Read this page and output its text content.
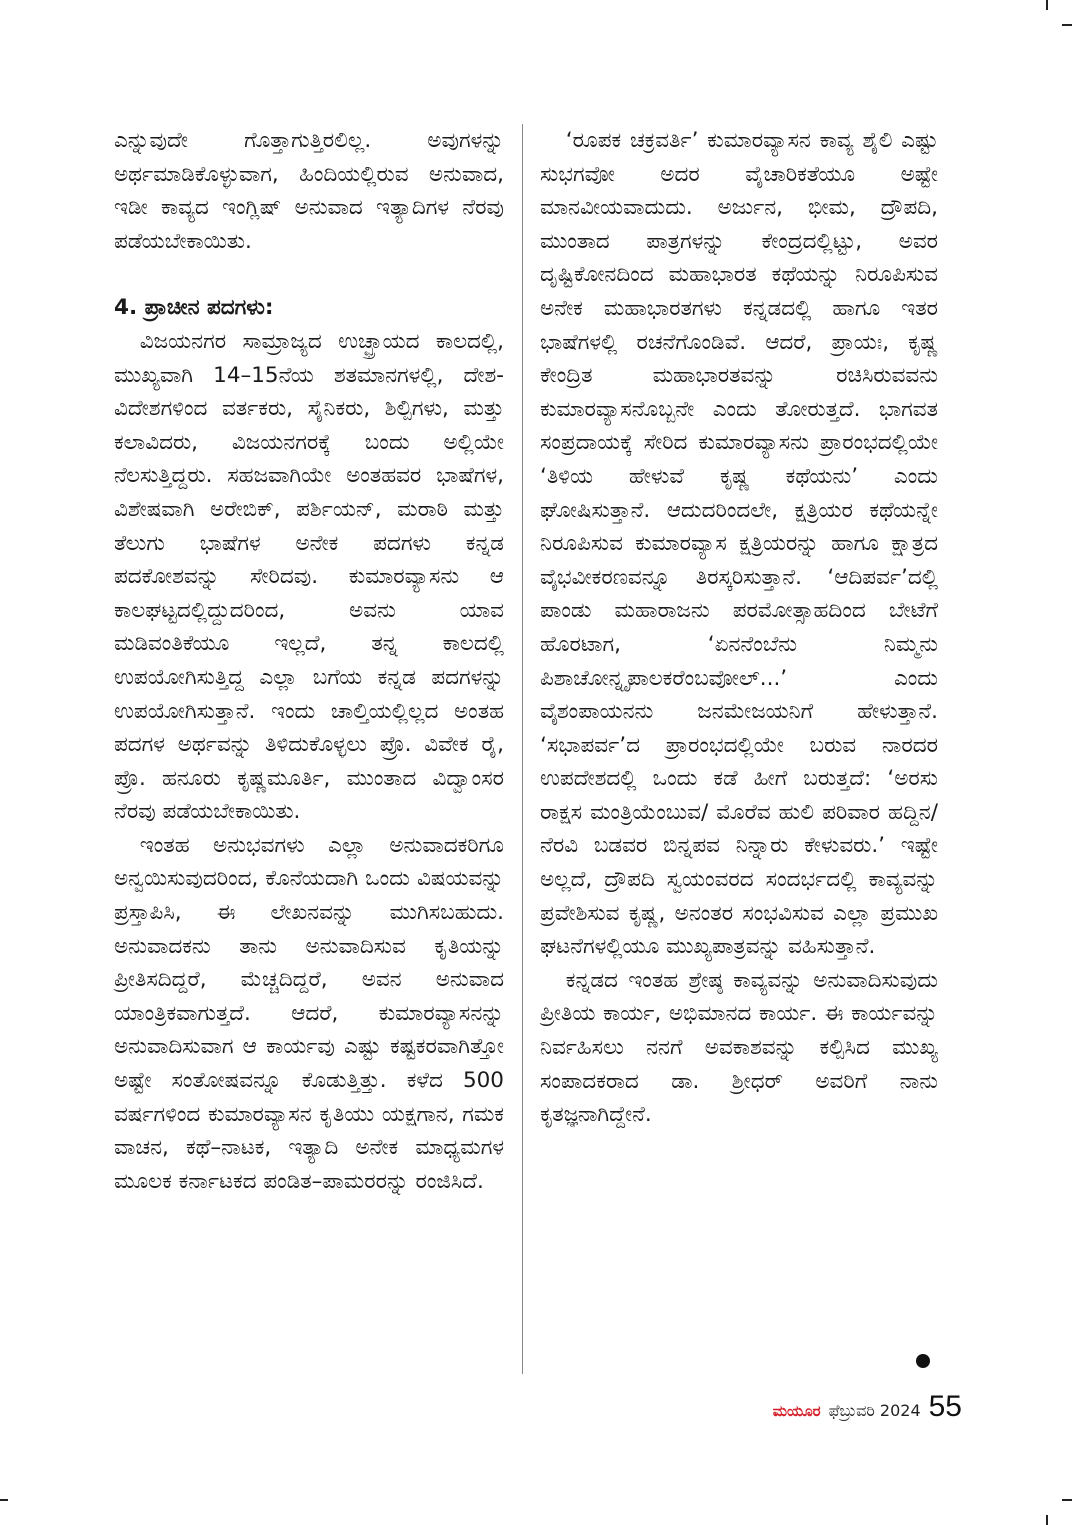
ಎನ್ನುವುದೇ ಗೊತ್ತಾಗುತ್ತಿರಲಿಲ್ಲ. ಅವುಗಳನ್ನು ಅರ್ಥಮಾಡಿಕೊಳ್ಳುವಾಗ, ಹಿಂದಿಯಲ್ಲಿರುವ ಅನುವಾದ, ಇಡೀ ಕಾವ್ಯದ ಇಂಗ್ಲಿಷ್ ಅನುವಾದ ಇತ್ಯಾದಿಗಳ ನೆರವು ಪಡೆಯಬೇಕಾಯಿತು.

4. ಪ್ರಾಚೀನ ಪದಗಳು:

ವಿಜಯನಗರ ಸಾಮ್ರಾಜ್ಯದ ಉಚ್ಛ್ರಾಯದ ಕಾಲದಲ್ಲಿ, ಮುಖ್ಯವಾಗಿ 14–15ನೆಯ ಶತಮಾನಗಳಲ್ಲಿ, ದೇಶ-ವಿದೇಶಗಳಿಂದ ವರ್ತಕರು, ಸೈನಿಕರು, ಶಿಲ್ಪಿಗಳು, ಮತ್ತು ಕಲಾವಿದರು, ವಿಜಯನಗರಕ್ಕೆ ಬಂದು ಅಲ್ಲಿಯೇ ನೆಲಸುತ್ತಿದ್ದರು. ಸಹಜವಾಗಿಯೇ ಅಂತಹವರ ಭಾಷೆಗಳ, ವಿಶೇಷವಾಗಿ ಅರೇಬಿಕ್, ಪರ್ಶಿಯನ್, ಮರಾಠಿ ಮತ್ತು ತೆಲುಗು ಭಾಷೆಗಳ ಅನೇಕ ಪದಗಳು ಕನ್ನಡ ಪದಕೋಶವನ್ನು ಸೇರಿದವು. ಕುಮಾರವ್ಯಾಸನು ಆ ಕಾಲಘಟ್ಟದಲ್ಲಿದ್ದುದರಿಂದ, ಅವನು ಯಾವ ಮಡಿವಂತಿಕೆಯೂ ಇಲ್ಲದೆ, ತನ್ನ ಕಾಲದಲ್ಲಿ ಉಪಯೋಗಿಸುತ್ತಿದ್ದ ಎಲ್ಲಾ ಬಗೆಯ ಕನ್ನಡ ಪದಗಳನ್ನು ಉಪಯೋಗಿಸುತ್ತಾನೆ. ಇಂದು ಚಾಲ್ತಿಯಲ್ಲಿಲ್ಲದ ಅಂತಹ ಪದಗಳ ಅರ್ಥವನ್ನು ತಿಳಿದುಕೊಳ್ಳಲು ಪ್ರೊ. ವಿವೇಕ ರೈ, ಪ್ರೊ. ಹನೂರು ಕೃಷ್ಣಮೂರ್ತಿ, ಮುಂತಾದ ವಿದ್ವಾಂಸರ ನೆರವು ಪಡೆಯಬೇಕಾಯಿತು.

ಇಂತಹ ಅನುಭವಗಳು ಎಲ್ಲಾ ಅನುವಾದಕರಿಗೂ ಅನ್ವಯಿಸುವುದರಿಂದ, ಕೊನೆಯದಾಗಿ ಒಂದು ವಿಷಯವನ್ನು ಪ್ರಸ್ತಾಪಿಸಿ, ಈ ಲೇಖನವನ್ನು ಮುಗಿಸಬಹುದು. ಅನುವಾದಕನು ತಾನು ಅನುವಾದಿಸುವ ಕೃತಿಯನ್ನು ಪ್ರೀತಿಸದಿದ್ದರೆ, ಮೆಚ್ಚದಿದ್ದರೆ, ಅವನ ಅನುವಾದ ಯಾಂತ್ರಿಕವಾಗುತ್ತದೆ. ಆದರೆ, ಕುಮಾರವ್ಯಾಸನನ್ನು ಅನುವಾದಿಸುವಾಗ ಆ ಕಾರ್ಯವು ಎಷ್ಟು ಕಷ್ಟಕರವಾಗಿತ್ತೋ ಅಷ್ಟೇ ಸಂತೋಷವನ್ನೂ ಕೊಡುತ್ತಿತ್ತು. ಕಳೆದ 500 ವರ್ಷಗಳಿಂದ ಕುಮಾರವ್ಯಾಸನ ಕೃತಿಯು ಯಕ್ಷಗಾನ, ಗಮಕ ವಾಚನ, ಕಥೆ–ನಾಟಕ, ಇತ್ಯಾದಿ ಅನೇಕ ಮಾಧ್ಯಮಗಳ ಮೂಲಕ ಕರ್ನಾಟಕದ ಪಂಡಿತ–ಪಾಮರರನ್ನು ರಂಜಿಸಿದೆ.

‘ರೂಪಕ ಚಕ್ರವರ್ತಿ’ ಕುಮಾರವ್ಯಾಸನ ಕಾವ್ಯ ಶೈಲಿ ಎಷ್ಟು ಸುಭಗವೋ ಅದರ ವೈಚಾರಿಕತೆಯೂ ಅಷ್ಟೇ ಮಾನವೀಯವಾದುದು. ಅರ್ಜುನ, ಭೀಮ, ದ್ರೌಪದಿ, ಮುಂತಾದ ಪಾತ್ರಗಳನ್ನು ಕೇಂದ್ರದಲ್ಲಿಟ್ಟು, ಅವರ ದೃಷ್ಟಿಕೋನದಿಂದ ಮಹಾಭಾರತ ಕಥೆಯನ್ನು ನಿರೂಪಿಸುವ ಅನೇಕ ಮಹಾಭಾರತಗಳು ಕನ್ನಡದಲ್ಲಿ ಹಾಗೂ ಇತರ ಭಾಷೆಗಳಲ್ಲಿ ರಚನೆಗೊಂಡಿವೆ. ಆದರೆ, ಪ್ರಾಯಃ, ಕೃಷ್ಣ ಕೇಂದ್ರಿತ ಮಹಾಭಾರತವನ್ನು ರಚಿಸಿರುವವನು ಕುಮಾರವ್ಯಾಸನೊಬ್ಬನೇ ಎಂದು ತೋರುತ್ತದೆ. ಭಾಗವತ ಸಂಪ್ರದಾಯಕ್ಕೆ ಸೇರಿದ ಕುಮಾರವ್ಯಾಸನು ಪ್ರಾರಂಭದಲ್ಲಿಯೇ ‘ತಿಳಿಯ ಹೇಳುವೆ ಕೃಷ್ಣ ಕಥೆಯನು’ ಎಂದು ಘೋಷಿಸುತ್ತಾನೆ. ಆದುದರಿಂದಲೇ, ಕ್ಷತ್ರಿಯರ ಕಥೆಯನ್ನೇ ನಿರೂಪಿಸುವ ಕುಮಾರವ್ಯಾಸ ಕ್ಷತ್ರಿಯರನ್ನು ಹಾಗೂ ಕ್ಷಾತ್ರದ ವೈಭವೀಕರಣವನ್ನೂ ತಿರಸ್ಕರಿಸುತ್ತಾನೆ. ‘ಆದಿಪರ್ವ’ದಲ್ಲಿ ಪಾಂಡು ಮಹಾರಾಜನು ಪರಮೋತ್ಸಾಹದಿಂದ ಬೇಟೆಗೆ ಹೊರಟಾಗ, ‘ಏನನೆಂಬೆನು ನಿಮ್ಮನು ಪಿಶಾಚೋನ್ನೃಪಾಲಕರೆಂಬವೋಲ್...’ ಎಂದು ವೈಶಂಪಾಯನನು ಜನಮೇಜಯನಿಗೆ ಹೇಳುತ್ತಾನೆ. ‘ಸಭಾಪರ್ವ’ದ ಪ್ರಾರಂಭದಲ್ಲಿಯೇ ಬರುವ ನಾರದರ ಉಪದೇಶದಲ್ಲಿ ಒಂದು ಕಡೆ ಹೀಗೆ ಬರುತ್ತದೆ: ‘ಅರಸು ರಾಕ್ಷಸ ಮಂತ್ರಿಯೆಂಬುವ/ ಮೊರೆವ ಹುಲಿ ಪರಿವಾರ ಹದ್ದಿನ/ ನೆರವಿ ಬಡವರ ಬಿನ್ನಪವ ನಿನ್ನಾರು ಕೇಳುವರು.’ ಇಷ್ಟೇ ಅಲ್ಲದೆ, ದ್ರೌಪದಿ ಸ್ವಯಂವರದ ಸಂದರ್ಭದಲ್ಲಿ ಕಾವ್ಯವನ್ನು ಪ್ರವೇಶಿಸುವ ಕೃಷ್ಣ, ಅನಂತರ ಸಂಭವಿಸುವ ಎಲ್ಲಾ ಪ್ರಮುಖ ಘಟನೆಗಳಲ್ಲಿಯೂ ಮುಖ್ಯಪಾತ್ರವನ್ನು ವಹಿಸುತ್ತಾನೆ.

ಕನ್ನಡದ ಇಂತಹ ಶ್ರೇಷ್ಠ ಕಾವ್ಯವನ್ನು ಅನುವಾದಿಸುವುದು ಪ್ರೀತಿಯ ಕಾರ್ಯ, ಅಭಿಮಾನದ ಕಾರ್ಯ. ಈ ಕಾರ್ಯವನ್ನು ನಿರ್ವಹಿಸಲು ನನಗೆ ಅವಕಾಶವನ್ನು ಕಲ್ಪಿಸಿದ ಮುಖ್ಯ ಸಂಪಾದಕರಾದ ಡಾ. ಶ್ರೀಧರ್ ಅವರಿಗೆ ನಾನು ಕೃತಜ್ಞನಾಗಿದ್ದೇನೆ.

ಮಯೂರ ಫೆಬ್ರುವರಿ 2024 55
